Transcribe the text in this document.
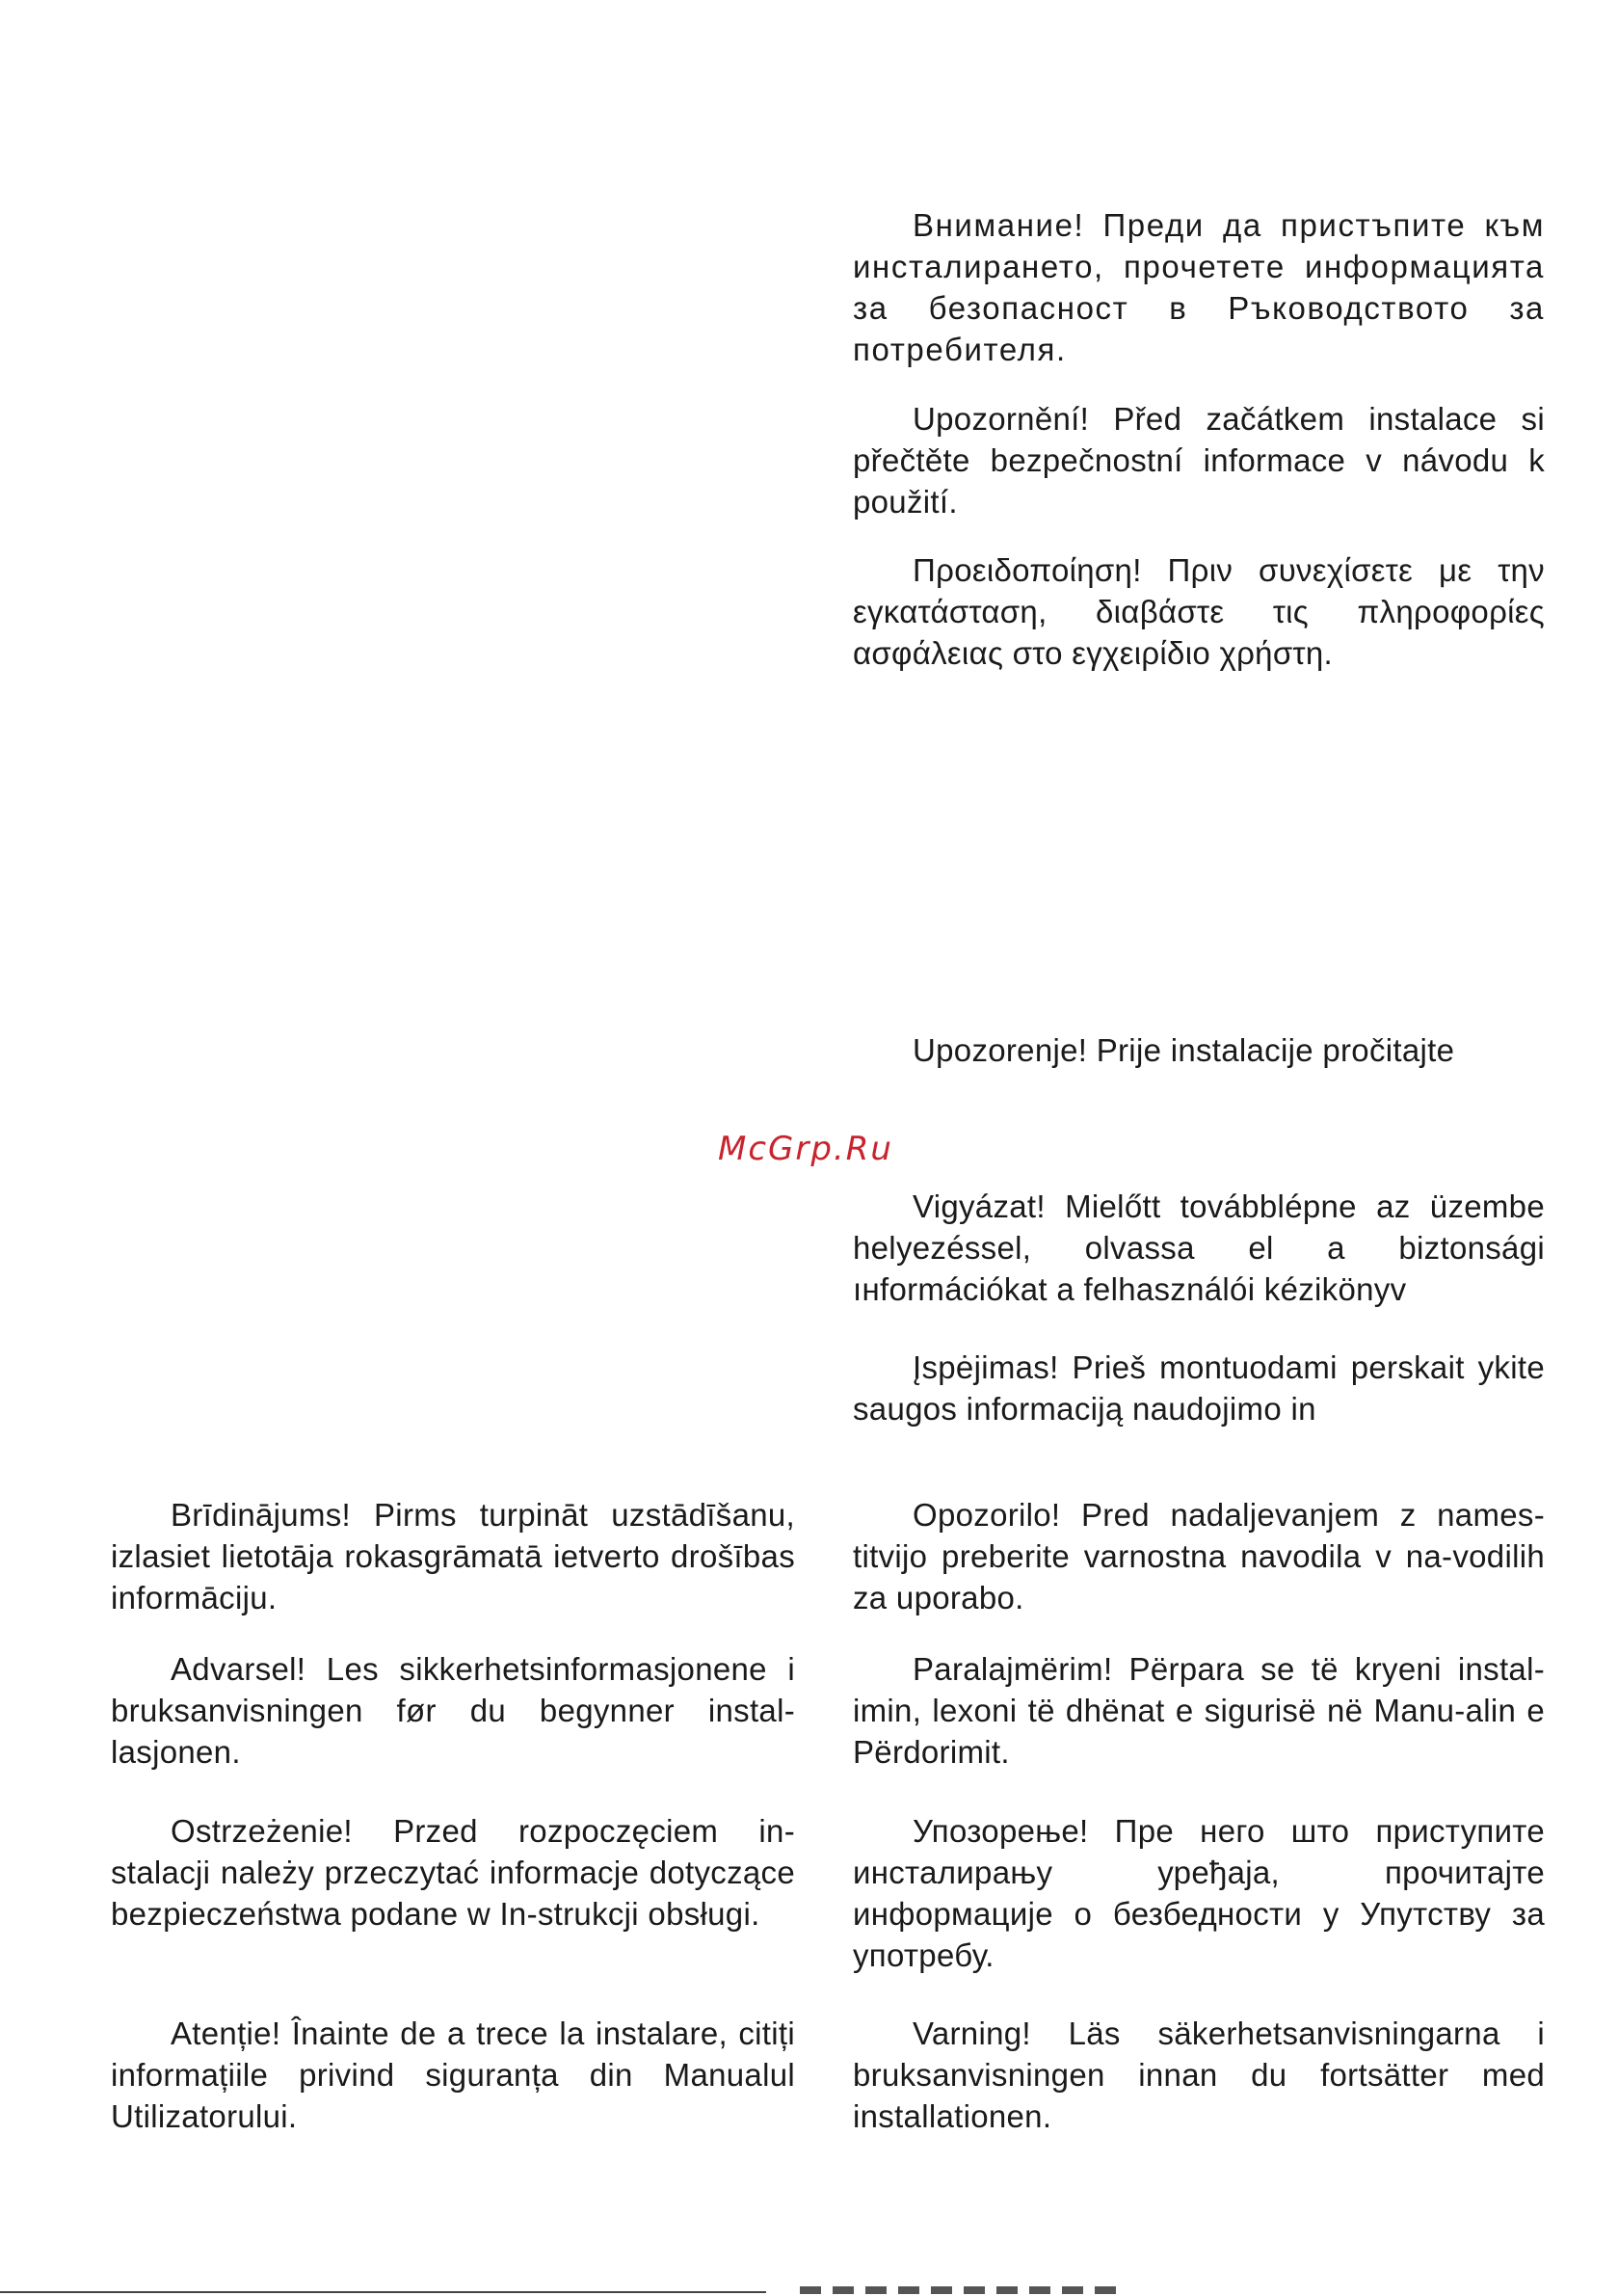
Внимание! Преди да пристъпите към инсталирането, прочетете информацията за безопасност в Ръководството за потребителя.

Upozornění! Před začátkem instalace si přečtěte bezpečnostní informace v návodu k použití.

Προειδοποίηση! Πριν συνεχίσετε με την εγκατάσταση, διαβάστε τις πληροφορίες ασφάλειας στο εγχειρίδιο χρήστη.

Upozorenje! Prije instalacije pročitajte

McGrp.Ru

Vigyázat! Mielőtt továbblépne az üzembe helyezéssel, olvassa el a biztonsági ıнformációkat a felhasználói kézikönyv

Įspėjimas! Prieš montuodami perskait ykite saugos informaciją naudojimo in

Brīdinājums! Pirms turpināt uzstādīšanu, izlasiet lietotāja rokasgrāmatā ietverto drošības informāciju.

Advarsel! Les sikkerhetsinformasjonene i bruksanvisningen før du begynner instal-lasjonen.

Ostrzeżenie! Przed rozpoczęciem in-stalacji należy przeczytać informacje dotyczące bezpieczeństwa podane w In-strukcji obsługi.

Atenție! Înainte de a trece la instalare, citiți informațiile privind siguranța din Manualul Utilizatorului.

Opozorilo! Pred nadaljevanjem z names-titvijo preberite varnostna navodila v na-vodilih za uporabo.

Paralajmërim! Përpara se të kryeni instal-imin, lexoni të dhënat e sigurisë në Manu-alin e Përdorimit.

Упозорење! Пре него што приступите инсталирању уређаја, прочитајте информације о безбедности у Упутству за употребу.

Varning! Läs säkerhetsanvisningarna i bruksanvisningen innan du fortsätter med installationen.
